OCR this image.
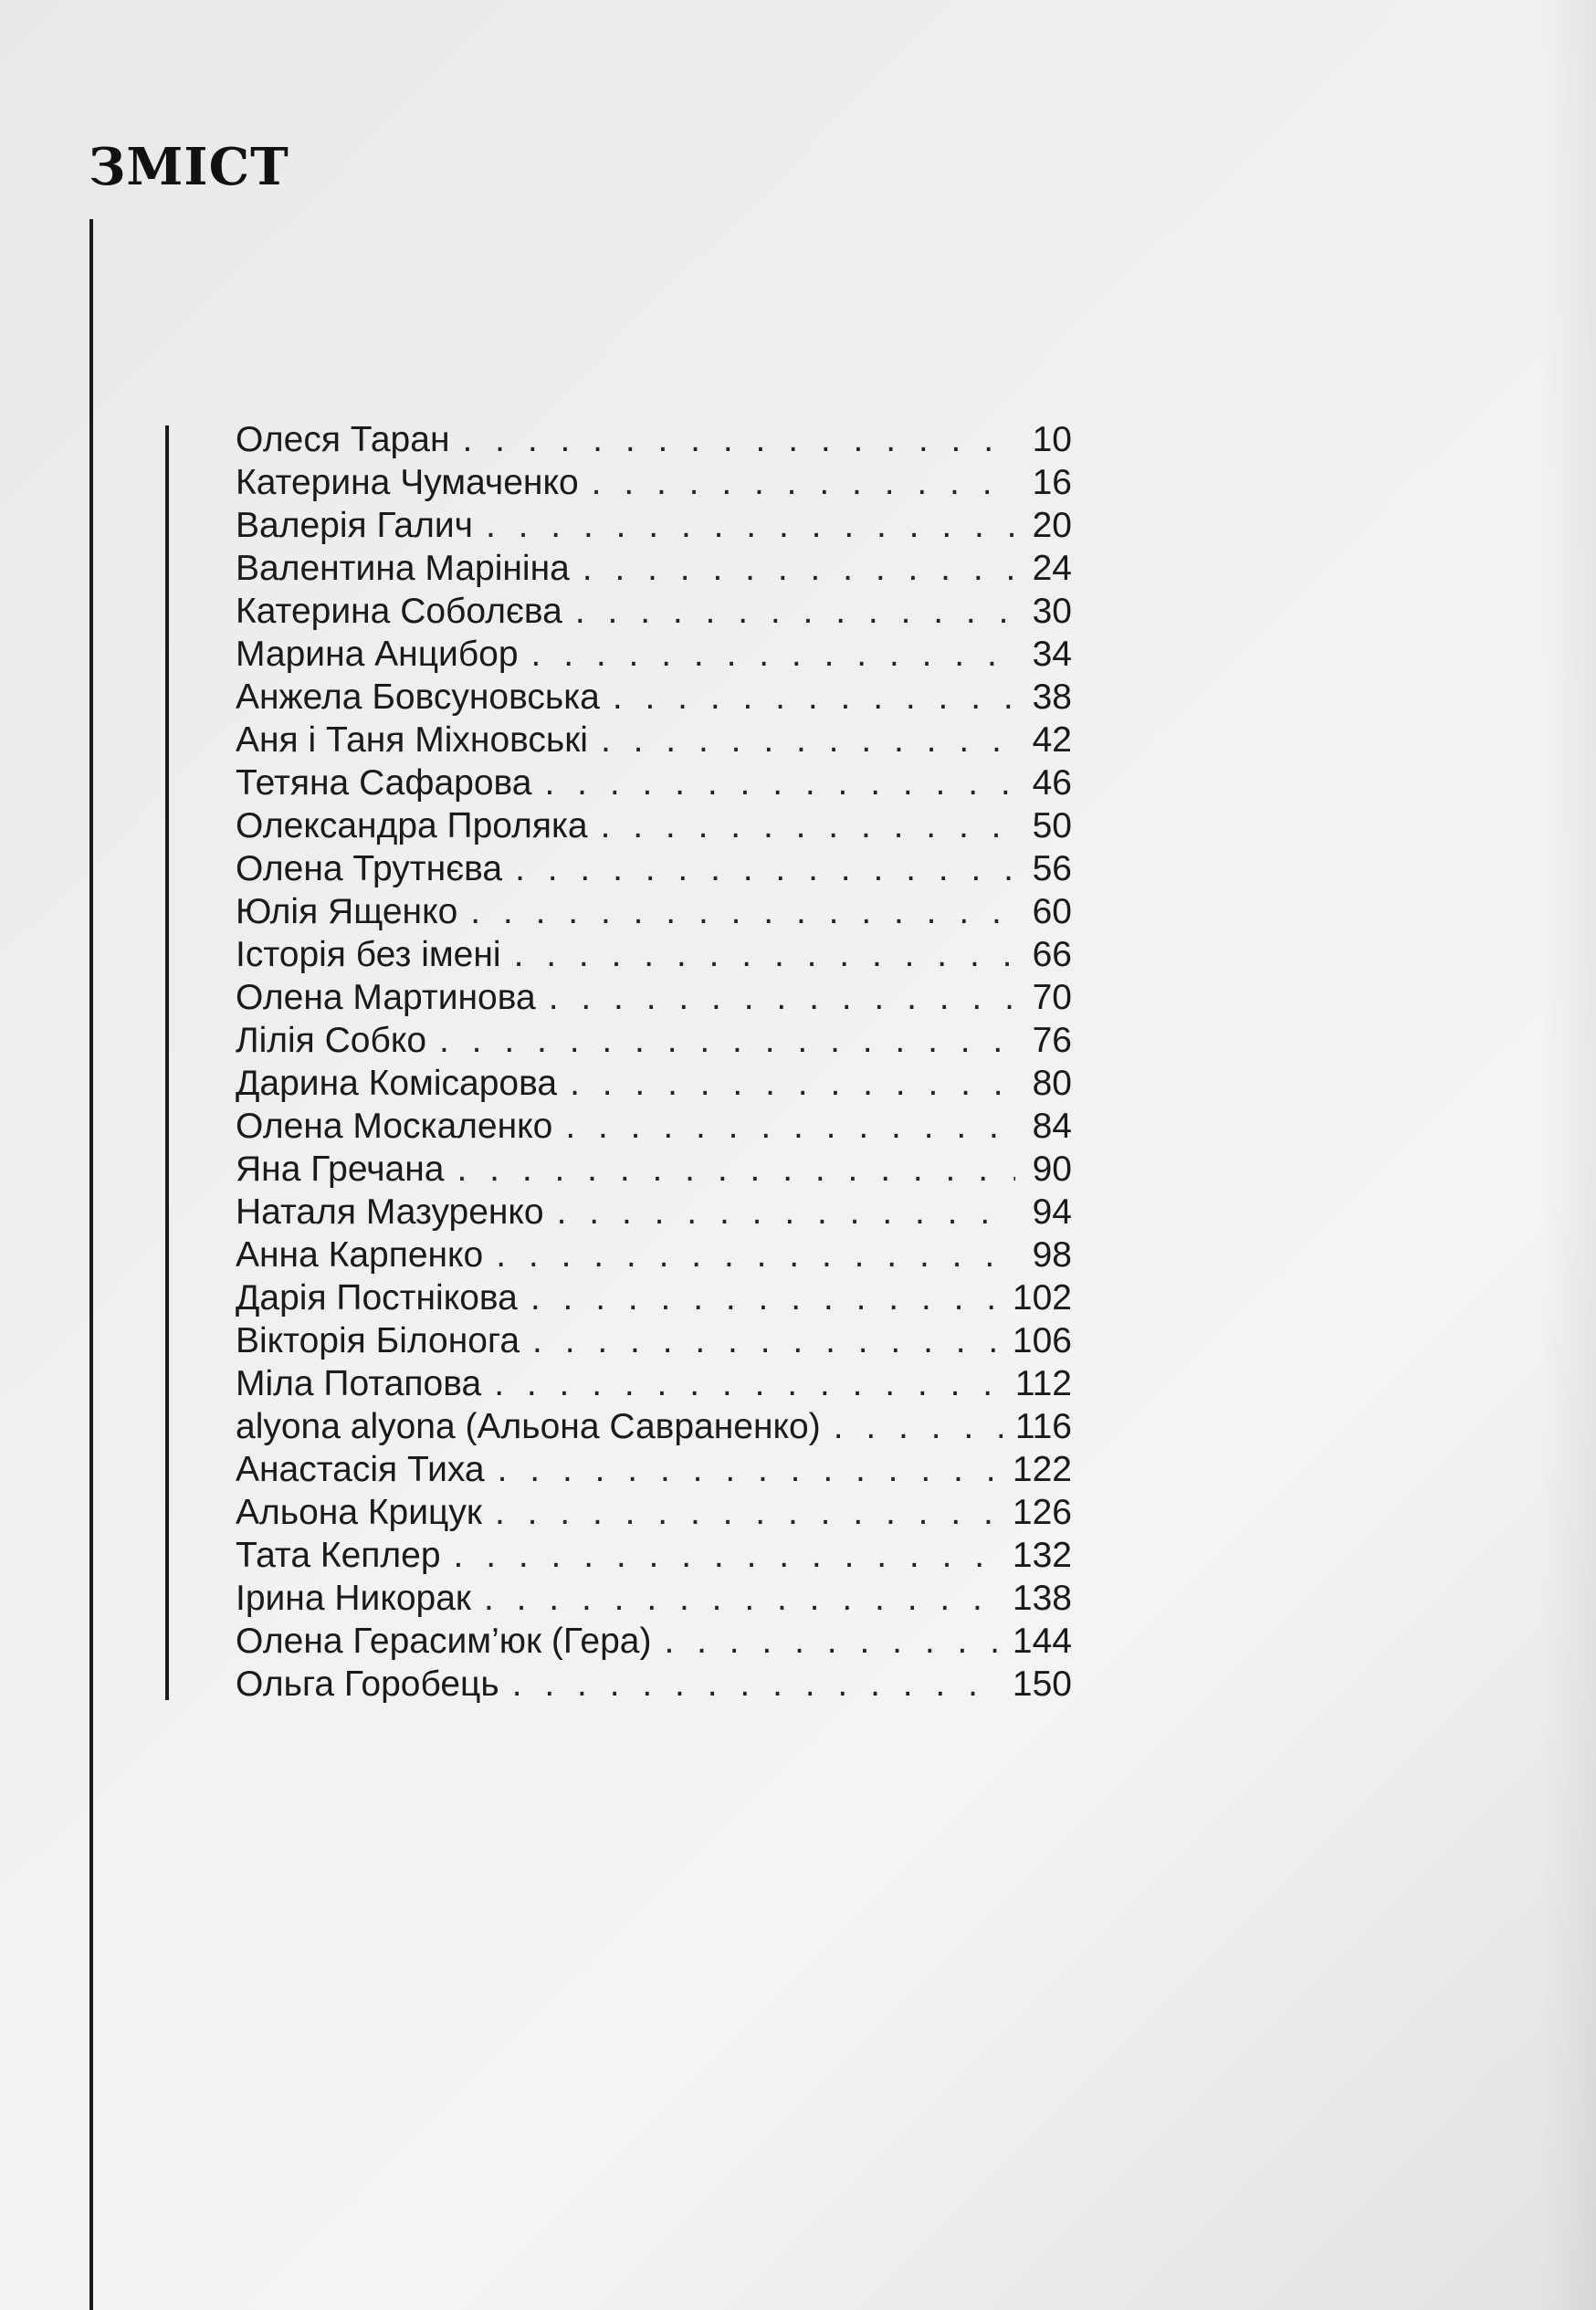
ЗМІСТ
Олеся Таран . . .	10
Катерина Чумаченко . . .	16
Валерія Галич . . .	20
Валентина Марініна . . .	24
Катерина Соболєва . . .	30
Марина Анцибор . . .	34
Анжела Бовсуновська . . .	38
Аня і Таня Міхновські . . .	42
Тетяна Сафарова . . .	46
Олександра Проляка . . .	50
Олена Трутнєва . . .	56
Юлія Ященко . . .	60
Історія без імені . . .	66
Олена Мартинова . . .	70
Лілія Собко . . .	76
Дарина Комісарова . . .	80
Олена Москаленко . . .	84
Яна Гречана . . .	90
Наталя Мазуренко . . .	94
Анна Карпенко . . .	98
Дарія Постнікова . . .	102
Вікторія Білонога . . .	106
Міла Потапова . . .	112
alyona alyona (Альона Савраненко) . . .	116
Анастасія Тиха . . .	122
Альона Крицук . . .	126
Тата Кеплер . . .	132
Ірина Никорак . . .	138
Олена Герасим’юк (Гера) . . .	144
Ольга Горобець . . .	150
